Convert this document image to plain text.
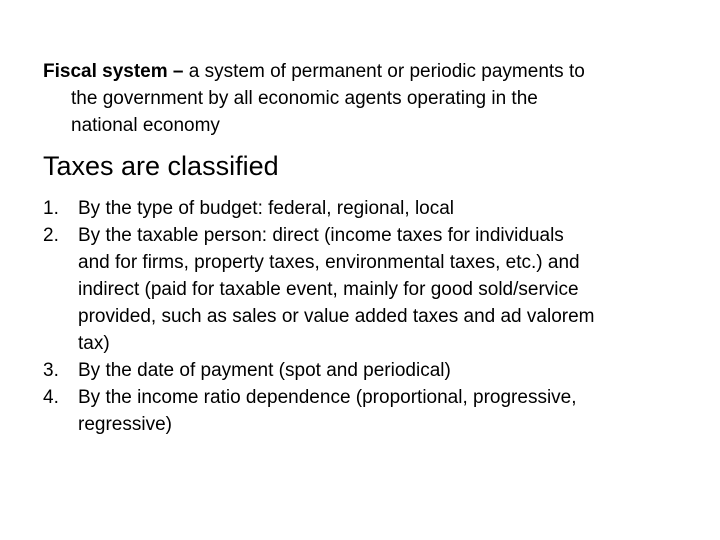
Fiscal system – a system of permanent or periodic payments to
the government by all economic agents operating in the
national economy
Taxes are classified
1. By the type of budget: federal, regional, local
2. By the taxable person: direct (income taxes for individuals
and for firms, property taxes, environmental taxes, etc.) and
indirect (paid for taxable event, mainly for good sold/service
provided, such as sales or value added taxes and ad valorem
tax)
3. By the date of payment (spot and periodical)
4. By the income ratio dependence (proportional, progressive,
regressive)
